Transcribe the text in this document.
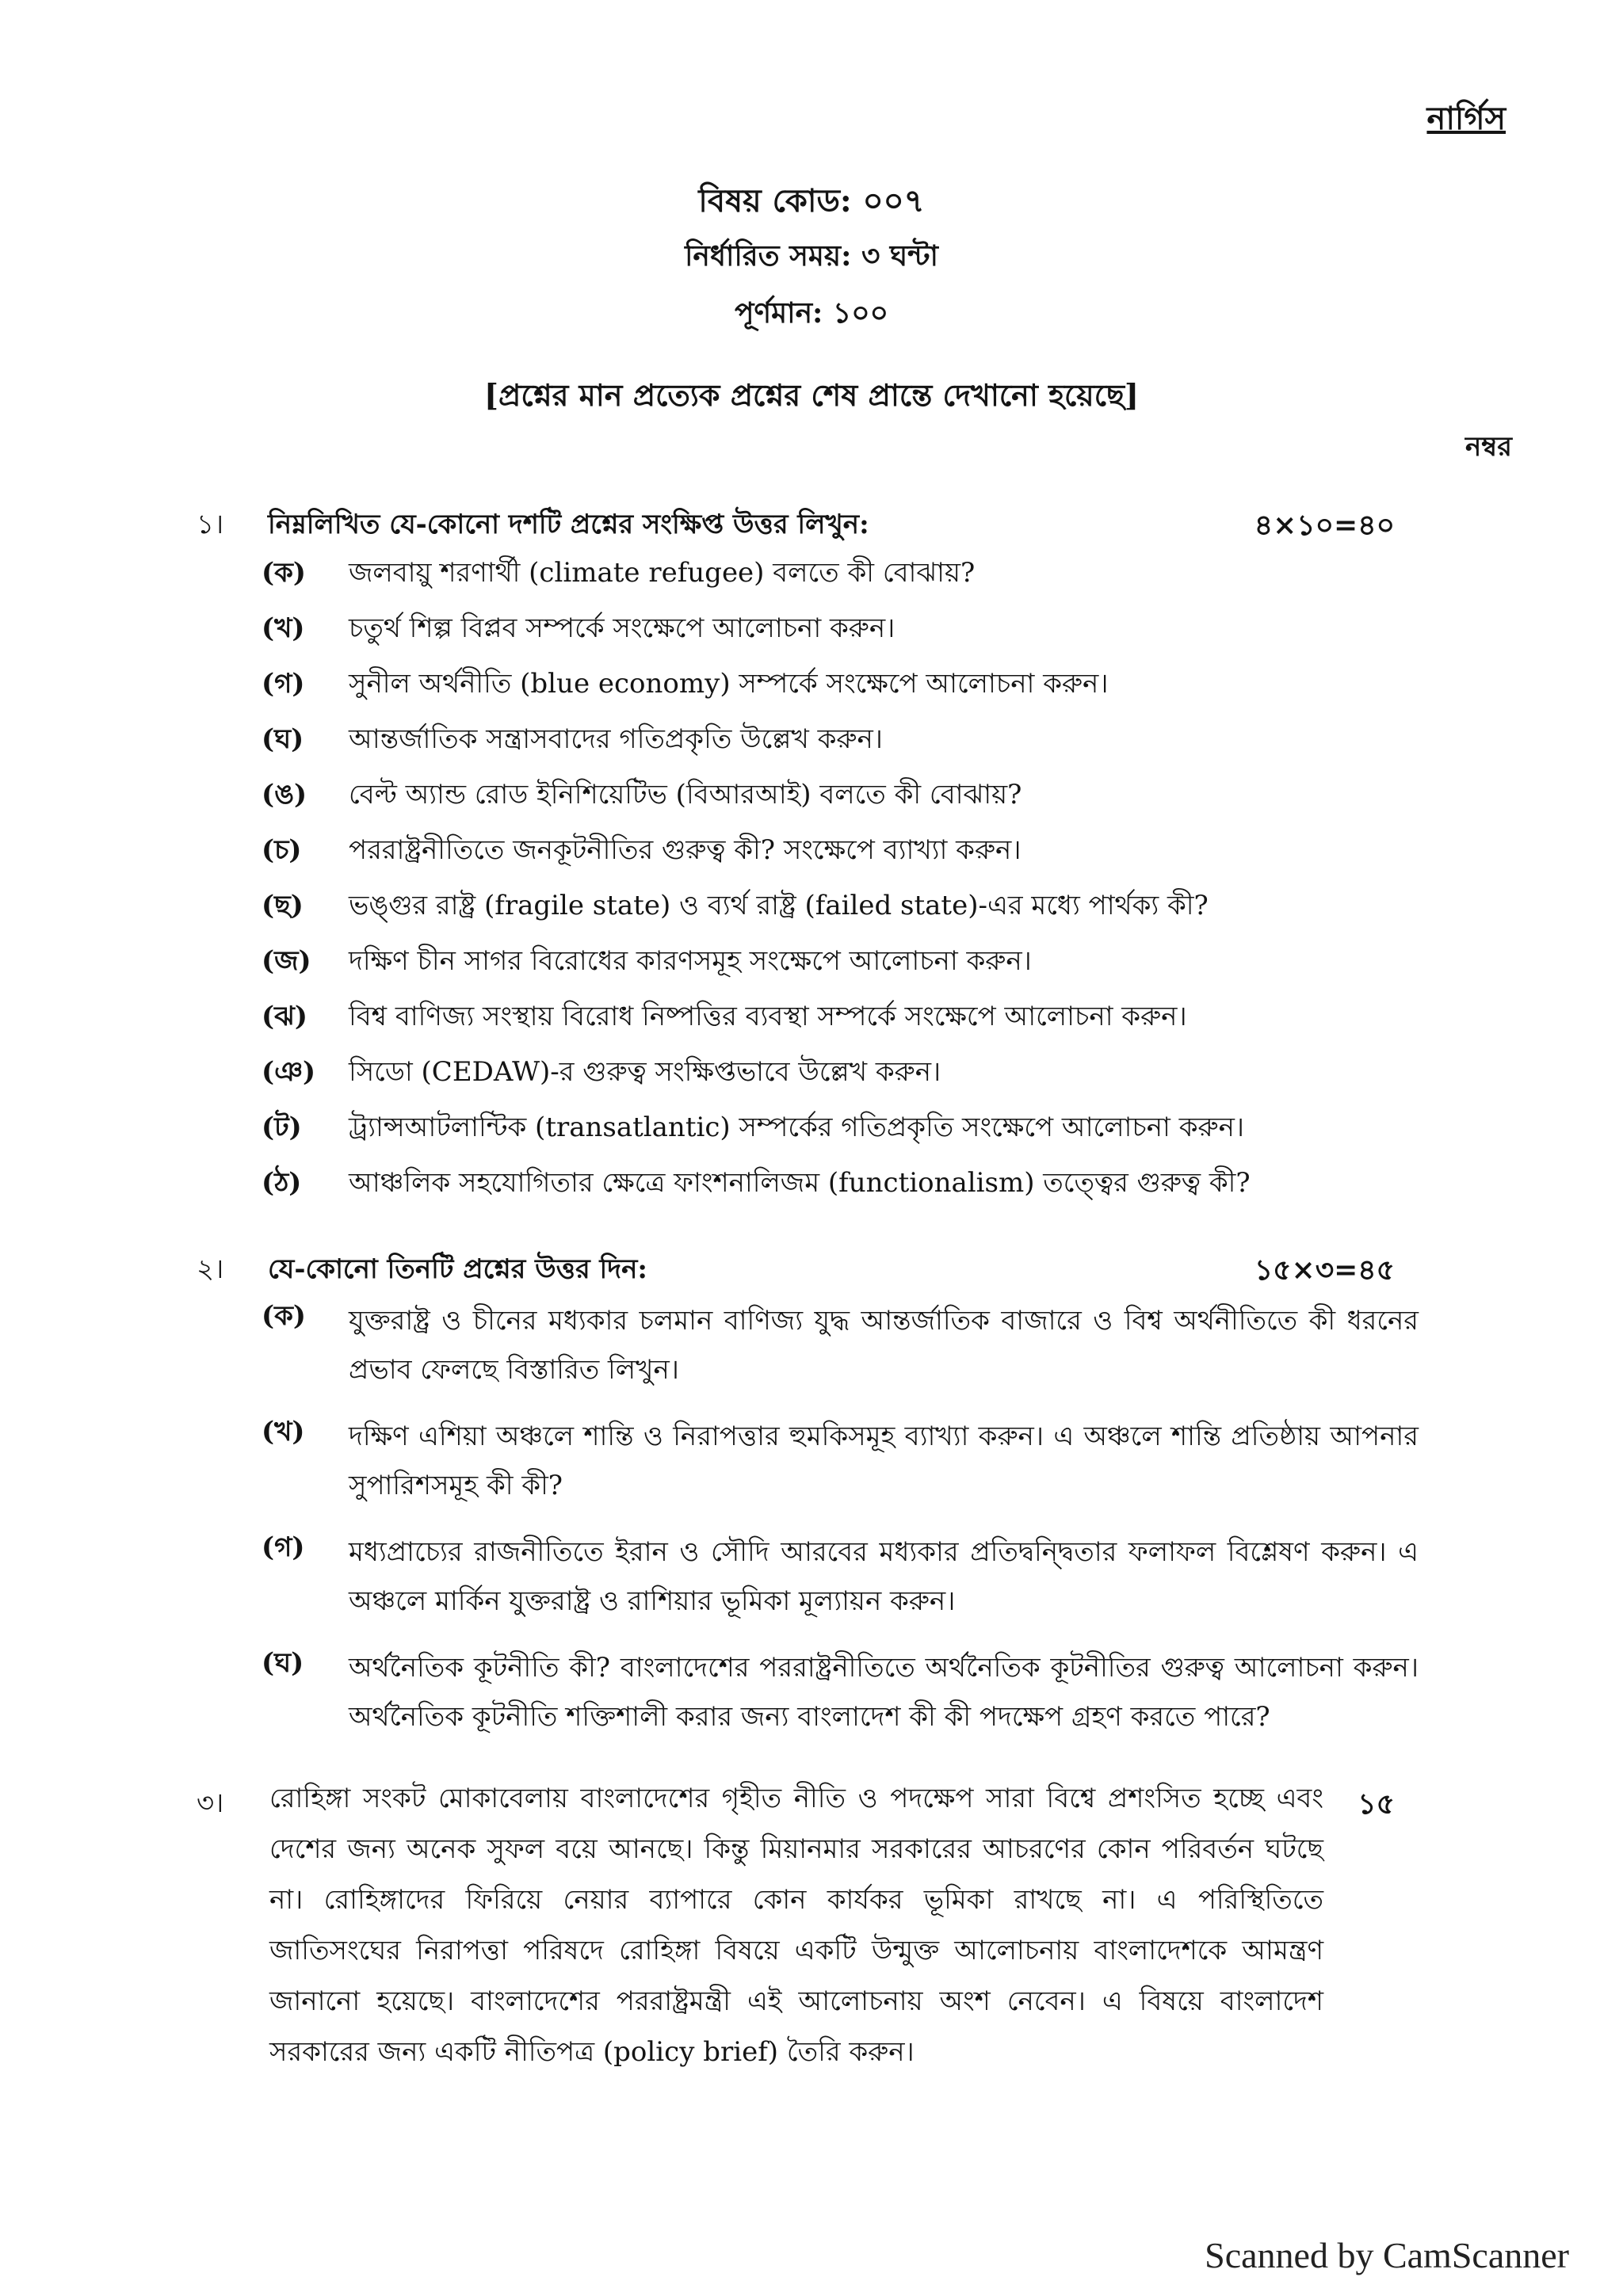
নার্গিস
বিষয় কোড: ০০৭
নির্ধারিত সময়: ৩ ঘন্টা
পূর্ণমান: ১০০
[প্রশ্নের মান প্রত্যেক প্রশ্নের শেষ প্রান্তে দেখানো হয়েছে]
নম্বর
১।	নিম্নলিখিত যে-কোনো দশটি প্রশ্নের সংক্ষিপ্ত উত্তর লিখুন:	৪×১০=৪০
(ক)	জলবায়ু শরণার্থী (climate refugee) বলতে কী বোঝায়?
(খ)	চতুর্থ শিল্প বিপ্লব সম্পর্কে সংক্ষেপে আলোচনা করুন।
(গ)	সুনীল অর্থনীতি (blue economy) সম্পর্কে সংক্ষেপে আলোচনা করুন।
(ঘ)	আন্তর্জাতিক সন্ত্রাসবাদের গতিপ্রকৃতি উল্লেখ করুন।
(ঙ)	বেল্ট অ্যান্ড রোড ইনিশিয়েটিভ (বিআরআই) বলতে কী বোঝায়?
(চ)	পররাষ্ট্রনীতিতে জনকূটনীতির গুরুত্ব কী? সংক্ষেপে ব্যাখ্যা করুন।
(ছ)	ভঙ্গুর রাষ্ট্র (fragile state) ও ব্যর্থ রাষ্ট্র (failed state)-এর মধ্যে পার্থক্য কী?
(জ)	দক্ষিণ চীন সাগর বিরোধের কারণসমূহ সংক্ষেপে আলোচনা করুন।
(ঝ)	বিশ্ব বাণিজ্য সংস্থায় বিরোধ নিষ্পত্তির ব্যবস্থা সম্পর্কে সংক্ষেপে আলোচনা করুন।
(ঞ)	সিডো (CEDAW)-র গুরুত্ব সংক্ষিপ্তভাবে উল্লেখ করুন।
(ট)	ট্র্যান্সআটলান্টিক (transatlantic) সম্পর্কের গতিপ্রকৃতি সংক্ষেপে আলোচনা করুন।
(ঠ)	আঞ্চলিক সহযোগিতার ক্ষেত্রে ফাংশনালিজম (functionalism) তত্ত্বের গুরুত্ব কী?
২।	যে-কোনো তিনটি প্রশ্নের উত্তর দিন:	১৫×৩=৪৫
(ক)	যুক্তরাষ্ট্র ও চীনের মধ্যকার চলমান বাণিজ্য যুদ্ধ আন্তর্জাতিক বাজারে ও বিশ্ব অর্থনীতিতে কী ধরনের প্রভাব ফেলছে বিস্তারিত লিখুন।
(খ)	দক্ষিণ এশিয়া অঞ্চলে শান্তি ও নিরাপত্তার হুমকিসমূহ ব্যাখ্যা করুন। এ অঞ্চলে শান্তি প্রতিষ্ঠায় আপনার সুপারিশসমূহ কী কী?
(গ)	মধ্যপ্রাচ্যের রাজনীতিতে ইরান ও সৌদি আরবের মধ্যকার প্রতিদ্বন্দ্বিতার ফলাফল বিশ্লেষণ করুন। এ অঞ্চলে মার্কিন যুক্তরাষ্ট্র ও রাশিয়ার ভূমিকা মূল্যায়ন করুন।
(ঘ)	অর্থনৈতিক কূটনীতি কী? বাংলাদেশের পররাষ্ট্রনীতিতে অর্থনৈতিক কূটনীতির গুরুত্ব আলোচনা করুন। অর্থনৈতিক কূটনীতি শক্তিশালী করার জন্য বাংলাদেশ কী কী পদক্ষেপ গ্রহণ করতে পারে?
৩।	রোহিঙ্গা সংকট মোকাবেলায় বাংলাদেশের গৃহীত নীতি ও পদক্ষেপ সারা বিশ্বে প্রশংসিত হচ্ছে এবং দেশের জন্য অনেক সুফল বয়ে আনছে। কিন্তু মিয়ানমার সরকারের আচরণের কোন পরিবর্তন ঘটছে না। রোহিঙ্গাদের ফিরিয়ে নেয়ার ব্যাপারে কোন কার্যকর ভূমিকা রাখছে না। এ পরিস্থিতিতে জাতিসংঘের নিরাপত্তা পরিষদে রোহিঙ্গা বিষয়ে একটি উন্মুক্ত আলোচনায় বাংলাদেশকে আমন্ত্রণ জানানো হয়েছে। বাংলাদেশের পররাষ্ট্রমন্ত্রী এই আলোচনায় অংশ নেবেন। এ বিষয়ে বাংলাদেশ সরকারের জন্য একটি নীতিপত্র (policy brief) তৈরি করুন।
১৫
Scanned by CamScanner
